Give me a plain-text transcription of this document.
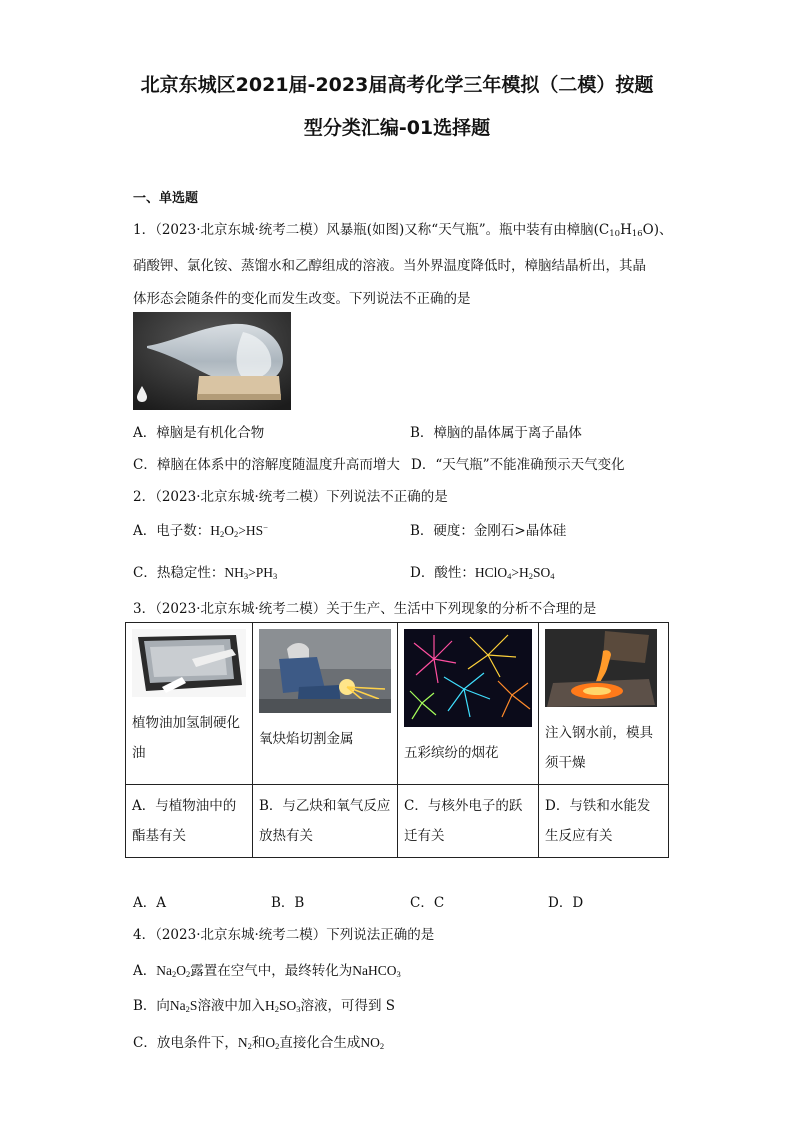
北京东城区2021届-2023届高考化学三年模拟（二模）按题
型分类汇编-01选择题
一、单选题
1．（2023·北京东城·统考二模）风暴瓶(如图)又称“天气瓶”。瓶中装有由樟脑$(C_{10}H_{16}O)$、
硝酸钾、氯化铵、蒸馏水和乙醇组成的溶液。当外界温度降低时，樟脑结晶析出，其晶
体形态会随条件的变化而发生改变。下列说法不正确的是
A．樟脑是有机化合物	B．樟脑的晶体属于离子晶体
C．樟脑在体系中的溶解度随温度升高而增大 D．“天气瓶”不能准确预示天气变化
2．（2023·北京东城·统考二模）下列说法不正确的是
A．电子数：$H_2O_2>HS^-$	B．硬度：金刚石>晶体硅
C．热稳定性：$NH_3>PH_3$	D．酸性：$HClO_4>H_2SO_4$
3．（2023·北京东城·统考二模）关于生产、生活中下列现象的分析不合理的是
植物油加氢制硬化油	氧炔焰切割金属	五彩缤纷的烟花	注入钢水前，模具须干燥
A．与植物油中的酯基有关	B．与乙炔和氧气反应放热有关	C．与核外电子的跃迁有关	D．与铁和水能发生反应有关
A．A	B．B	C．C	D．D
4．（2023·北京东城·统考二模）下列说法正确的是
A．$Na_2O_2$露置在空气中，最终转化为NaHCO$_3$
B．向$Na_2S$溶液中加入$H_2SO_3$溶液，可得到 S
C．放电条件下，$N_2$和$O_2$直接化合生成$NO_2$
